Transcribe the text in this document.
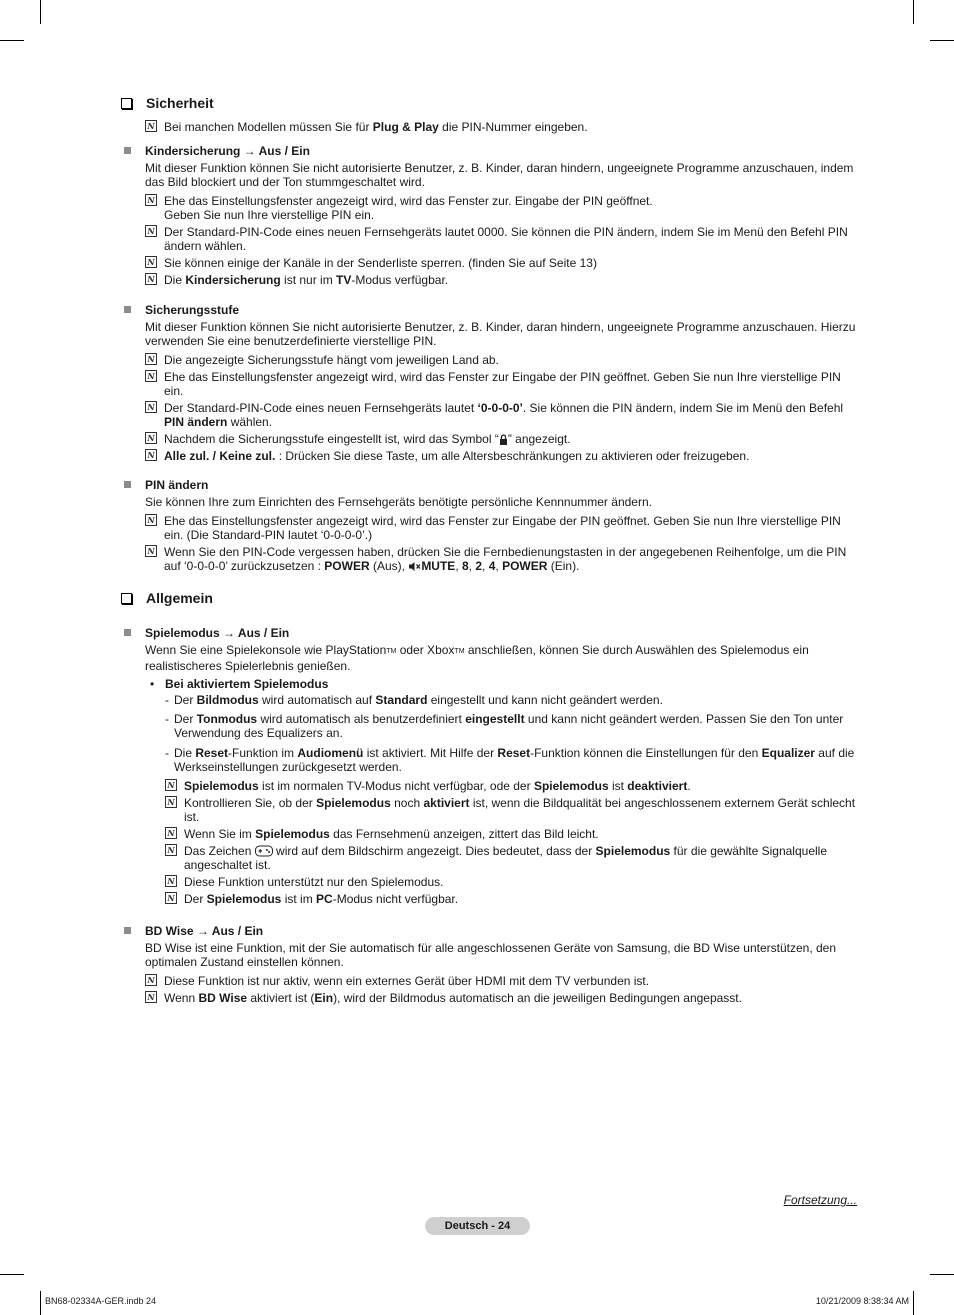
Sicherheit
N Bei manchen Modellen müssen Sie für Plug & Play die PIN-Nummer eingeben.
Kindersicherung → Aus / Ein
Mit dieser Funktion können Sie nicht autorisierte Benutzer, z. B. Kinder, daran hindern, ungeeignete Programme anzuschauen, indem das Bild blockiert und der Ton stummgeschaltet wird.
N Ehe das Einstellungsfenster angezeigt wird, wird das Fenster zur. Eingabe der PIN geöffnet.
Geben Sie nun Ihre vierstellige PIN ein.
N Der Standard-PIN-Code eines neuen Fernsehgeräts lautet 0000. Sie können die PIN ändern, indem Sie im Menü den Befehl PIN ändern wählen.
N Sie können einige der Kanäle in der Senderliste sperren. (finden Sie auf Seite 13)
N Die Kindersicherung ist nur im TV-Modus verfügbar.
Sicherungsstufe
Mit dieser Funktion können Sie nicht autorisierte Benutzer, z. B. Kinder, daran hindern, ungeeignete Programme anzuschauen. Hierzu verwenden Sie eine benutzerdefinierte vierstellige PIN.
N Die angezeigte Sicherungsstufe hängt vom jeweiligen Land ab.
N Ehe das Einstellungsfenster angezeigt wird, wird das Fenster zur Eingabe der PIN geöffnet. Geben Sie nun Ihre vierstellige PIN ein.
N Der Standard-PIN-Code eines neuen Fernsehgeräts lautet ‘0-0-0-0’. Sie können die PIN ändern, indem Sie im Menü den Befehl PIN ändern wählen.
N Nachdem die Sicherungsstufe eingestellt ist, wird das Symbol “ ” angezeigt.
N Alle zul. / Keine zul. : Drücken Sie diese Taste, um alle Altersbeschränkungen zu aktivieren oder freizugeben.
PIN ändern
Sie können Ihre zum Einrichten des Fernsehgeräts benötigte persönliche Kennnummer ändern.
N Ehe das Einstellungsfenster angezeigt wird, wird das Fenster zur Eingabe der PIN geöffnet. Geben Sie nun Ihre vierstellige PIN ein. (Die Standard-PIN lautet ‘0-0-0-0’.)
N Wenn Sie den PIN-Code vergessen haben, drücken Sie die Fernbedienungstasten in der angegebenen Reihenfolge, um die PIN auf ‘0-0-0-0’ zurückzusetzen : POWER (Aus), MUTE, 8, 2, 4, POWER (Ein).
Allgemein
Spielemodus → Aus / Ein
Wenn Sie eine Spielekonsole wie PlayStationTM oder XboxTM anschließen, können Sie durch Auswählen des Spielemodus ein realistischeres Spielerlebnis genießen.
• Bei aktiviertem Spielemodus
- Der Bildmodus wird automatisch auf Standard eingestellt und kann nicht geändert werden.
- Der Tonmodus wird automatisch als benutzerdefiniert eingestellt und kann nicht geändert werden. Passen Sie den Ton unter Verwendung des Equalizers an.
- Die Reset-Funktion im Audiomenü ist aktiviert. Mit Hilfe der Reset-Funktion können die Einstellungen für den Equalizer auf die Werkseinstellungen zurückgesetzt werden.
N Spielemodus ist im normalen TV-Modus nicht verfügbar, ode der Spielemodus ist deaktiviert.
N Kontrollieren Sie, ob der Spielemodus noch aktiviert ist, wenn die Bildqualität bei angeschlossenem externem Gerät schlecht ist.
N Wenn Sie im Spielemodus das Fernsehmenü anzeigen, zittert das Bild leicht.
N Das Zeichen  wird auf dem Bildschirm angezeigt. Dies bedeutet, dass der Spielemodus für die gewählte Signalquelle angeschaltet ist.
N Diese Funktion unterstützt nur den Spielemodus.
N Der Spielemodus ist im PC-Modus nicht verfügbar.
BD Wise → Aus / Ein
BD Wise ist eine Funktion, mit der Sie automatisch für alle angeschlossenen Geräte von Samsung, die BD Wise unterstützen, den optimalen Zustand einstellen können.
N Diese Funktion ist nur aktiv, wenn ein externes Gerät über HDMI mit dem TV verbunden ist.
N Wenn BD Wise aktiviert ist (Ein), wird der Bildmodus automatisch an die jeweiligen Bedingungen angepasst.
Fortsetzung...
Deutsch - 24
BN68-02334A-GER.indb 24	10/21/2009 8:38:34 AM
